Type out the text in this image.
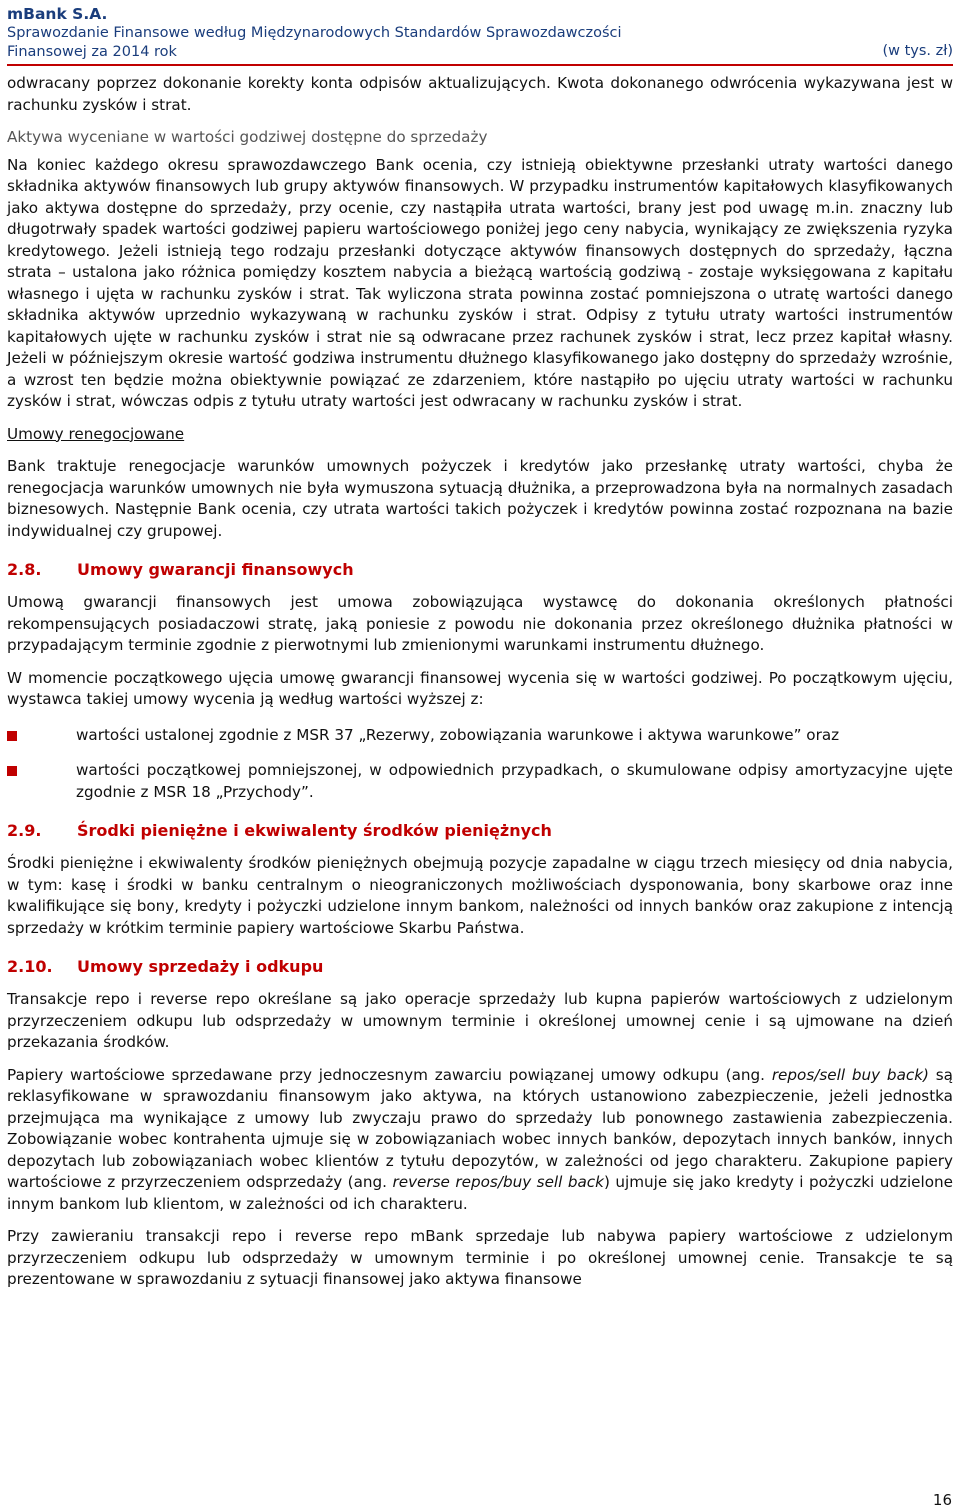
mBank S.A.
Sprawozdanie Finansowe według Międzynarodowych Standardów Sprawozdawczości
Finansowej za 2014 rok	(w tys. zł)

odwracany poprzez dokonanie korekty konta odpisów aktualizujących. Kwota dokonanego odwrócenia wykazywana jest w rachunku zysków i strat.

Aktywa wyceniane w wartości godziwej dostępne do sprzedaży

Na koniec każdego okresu sprawozdawczego Bank ocenia, czy istnieją obiektywne przesłanki utraty wartości danego składnika aktywów finansowych lub grupy aktywów finansowych. W przypadku instrumentów kapitałowych klasyfikowanych jako aktywa dostępne do sprzedaży, przy ocenie, czy nastąpiła utrata wartości, brany jest pod uwagę m.in. znaczny lub długotrwały spadek wartości godziwej papieru wartościowego poniżej jego ceny nabycia, wynikający ze zwiększenia ryzyka kredytowego. Jeżeli istnieją tego rodzaju przesłanki dotyczące aktywów finansowych dostępnych do sprzedaży, łączna strata – ustalona jako różnica pomiędzy kosztem nabycia a bieżącą wartością godziwą - zostaje wyksięgowana z kapitału własnego i ujęta w rachunku zysków i strat. Tak wyliczona strata powinna zostać pomniejszona o utratę wartości danego składnika aktywów uprzednio wykazywaną w rachunku zysków i strat. Odpisy z tytułu utraty wartości instrumentów kapitałowych ujęte w rachunku zysków i strat nie są odwracane przez rachunek zysków i strat, lecz przez kapitał własny. Jeżeli w późniejszym okresie wartość godziwa instrumentu dłużnego klasyfikowanego jako dostępny do sprzedaży wzrośnie, a wzrost ten będzie można obiektywnie powiązać ze zdarzeniem, które nastąpiło po ujęciu utraty wartości w rachunku zysków i strat, wówczas odpis z tytułu utraty wartości jest odwracany w rachunku zysków i strat.

Umowy renegocjowane

Bank traktuje renegocjacje warunków umownych pożyczek i kredytów jako przesłankę utraty wartości, chyba że renegocjacja warunków umownych nie była wymuszona sytuacją dłużnika, a przeprowadzona była na normalnych zasadach biznesowych. Następnie Bank ocenia, czy utrata wartości takich pożyczek i kredytów powinna zostać rozpoznana na bazie indywidualnej czy grupowej.

2.8.	Umowy gwarancji finansowych

Umową gwarancji finansowych jest umowa zobowiązująca wystawcę do dokonania określonych płatności rekompensujących posiadaczowi stratę, jaką poniesie z powodu nie dokonania przez określonego dłużnika płatności w przypadającym terminie zgodnie z pierwotnymi lub zmienionymi warunkami instrumentu dłużnego.

W momencie początkowego ujęcia umowę gwarancji finansowej wycenia się w wartości godziwej. Po początkowym ujęciu, wystawca takiej umowy wycenia ją według wartości wyższej z:

wartości ustalonej zgodnie z MSR 37 „Rezerwy, zobowiązania warunkowe i aktywa warunkowe” oraz
wartości początkowej pomniejszonej, w odpowiednich przypadkach, o skumulowane odpisy amortyzacyjne ujęte zgodnie z MSR 18 „Przychody”.
2.9.	Środki pieniężne i ekwiwalenty środków pieniężnych

Środki pieniężne i ekwiwalenty środków pieniężnych obejmują pozycje zapadalne w ciągu trzech miesięcy od dnia nabycia, w tym: kasę i środki w banku centralnym o nieograniczonych możliwościach dysponowania, bony skarbowe oraz inne kwalifikujące się bony, kredyty i pożyczki udzielone innym bankom, należności od innych banków oraz zakupione z intencją sprzedaży w krótkim terminie papiery wartościowe Skarbu Państwa.

2.10.	Umowy sprzedaży i odkupu

Transakcje repo i reverse repo określane są jako operacje sprzedaży lub kupna papierów wartościowych z udzielonym przyrzeczeniem odkupu lub odsprzedaży w umownym terminie i określonej umownej cenie i są ujmowane na dzień przekazania środków.

Papiery wartościowe sprzedawane przy jednoczesnym zawarciu powiązanej umowy odkupu (ang. repos/sell buy back) są reklasyfikowane w sprawozdaniu finansowym jako aktywa, na których ustanowiono zabezpieczenie, jeżeli jednostka przejmująca ma wynikające z umowy lub zwyczaju prawo do sprzedaży lub ponownego zastawienia zabezpieczenia. Zobowiązanie wobec kontrahenta ujmuje się w zobowiązaniach wobec innych banków, depozytach innych banków, innych depozytach lub zobowiązaniach wobec klientów z tytułu depozytów, w zależności od jego charakteru. Zakupione papiery wartościowe z przyrzeczeniem odsprzedaży (ang. reverse repos/buy sell back) ujmuje się jako kredyty i pożyczki udzielone innym bankom lub klientom, w zależności od ich charakteru.

Przy zawieraniu transakcji repo i reverse repo mBank sprzedaje lub nabywa papiery wartościowe z udzielonym przyrzeczeniem odkupu lub odsprzedaży w umownym terminie i po określonej umownej cenie. Transakcje te są prezentowane w sprawozdaniu z sytuacji finansowej jako aktywa finansowe

16
